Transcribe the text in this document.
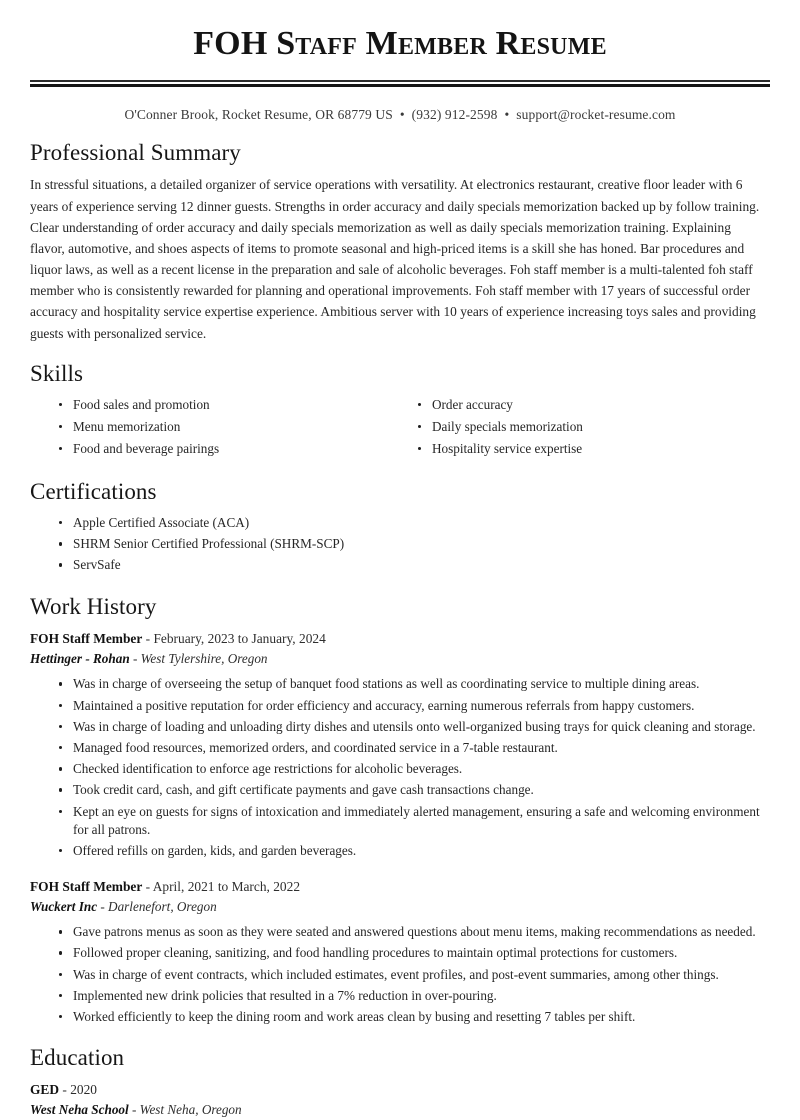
FOH Staff Member Resume
O'Conner Brook, Rocket Resume, OR 68779 US • (932) 912-2598 • support@rocket-resume.com
Professional Summary

In stressful situations, a detailed organizer of service operations with versatility. At electronics restaurant, creative floor leader with 6 years of experience serving 12 dinner guests. Strengths in order accuracy and daily specials memorization backed up by follow training. Clear understanding of order accuracy and daily specials memorization as well as daily specials memorization training. Explaining flavor, automotive, and shoes aspects of items to promote seasonal and high-priced items is a skill she has honed. Bar procedures and liquor laws, as well as a recent license in the preparation and sale of alcoholic beverages. Foh staff member is a multi-talented foh staff member who is consistently rewarded for planning and operational improvements. Foh staff member with 17 years of successful order accuracy and hospitality service expertise experience. Ambitious server with 10 years of experience increasing toys sales and providing guests with personalized service.

Skills
Food sales and promotion
Menu memorization
Food and beverage pairings
Order accuracy
Daily specials memorization
Hospitality service expertise
Certifications
Apple Certified Associate (ACA)
SHRM Senior Certified Professional (SHRM-SCP)
ServSafe
Work History
FOH Staff Member - February, 2023 to January, 2024
Hettinger - Rohan - West Tylershire, Oregon
Was in charge of overseeing the setup of banquet food stations as well as coordinating service to multiple dining areas.
Maintained a positive reputation for order efficiency and accuracy, earning numerous referrals from happy customers.
Was in charge of loading and unloading dirty dishes and utensils onto well-organized busing trays for quick cleaning and storage.
Managed food resources, memorized orders, and coordinated service in a 7-table restaurant.
Checked identification to enforce age restrictions for alcoholic beverages.
Took credit card, cash, and gift certificate payments and gave cash transactions change.
Kept an eye on guests for signs of intoxication and immediately alerted management, ensuring a safe and welcoming environment for all patrons.
Offered refills on garden, kids, and garden beverages.
FOH Staff Member - April, 2021 to March, 2022
Wuckert Inc - Darlenefort, Oregon
Gave patrons menus as soon as they were seated and answered questions about menu items, making recommendations as needed.
Followed proper cleaning, sanitizing, and food handling procedures to maintain optimal protections for customers.
Was in charge of event contracts, which included estimates, event profiles, and post-event summaries, among other things.
Implemented new drink policies that resulted in a 7% reduction in over-pouring.
Worked efficiently to keep the dining room and work areas clean by busing and resetting 7 tables per shift.
Education
GED - 2020
West Neha School - West Neha, Oregon
